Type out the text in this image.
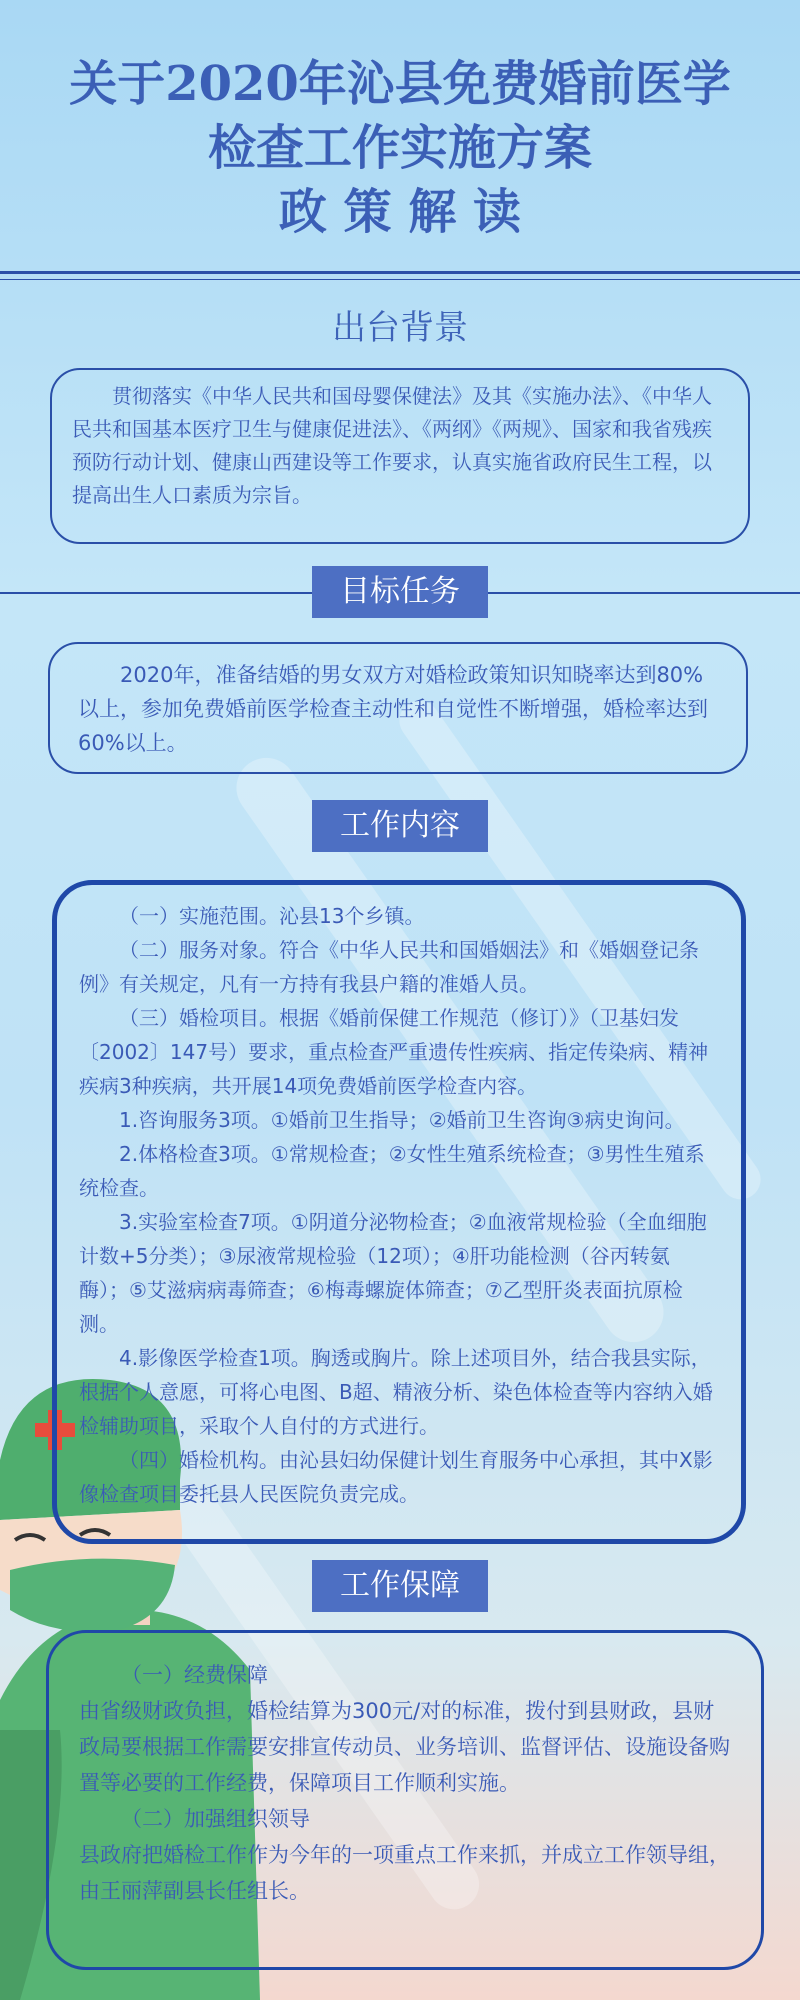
关于2020年沁县免费婚前医学
检查工作实施方案
政 策 解 读
出台背景

贯彻落实《中华人民共和国母婴保健法》及其《实施办法》、《中华人民共和国基本医疗卫生与健康促进法》、《两纲》《两规》、国家和我省残疾预防行动计划、健康山西建设等工作要求，认真实施省政府民生工程，以提高出生人口素质为宗旨。

目标任务

2020年，准备结婚的男女双方对婚检政策知识知晓率达到80%以上，参加免费婚前医学检查主动性和自觉性不断增强，婚检率达到60%以上。

工作内容

（一）实施范围。沁县13个乡镇。

（二）服务对象。符合《中华人民共和国婚姻法》和《婚姻登记条例》有关规定，凡有一方持有我县户籍的准婚人员。

（三）婚检项目。根据《婚前保健工作规范（修订）》（卫基妇发〔2002〕147号）要求，重点检查严重遗传性疾病、指定传染病、精神疾病3种疾病，共开展14项免费婚前医学检查内容。

1.咨询服务3项。①婚前卫生指导；②婚前卫生咨询③病史询问。

2.体格检查3项。①常规检查；②女性生殖系统检查；③男性生殖系统检查。

3.实验室检查7项。①阴道分泌物检查；②血液常规检验（全血细胞计数+5分类）；③尿液常规检验（12项）；④肝功能检测（谷丙转氨酶）；⑤艾滋病病毒筛查；⑥梅毒螺旋体筛查；⑦乙型肝炎表面抗原检测。

4.影像医学检查1项。胸透或胸片。除上述项目外，结合我县实际，根据个人意愿，可将心电图、B超、精液分析、染色体检查等内容纳入婚检辅助项目，采取个人自付的方式进行。

（四）婚检机构。由沁县妇幼保健计划生育服务中心承担，其中X影像检查项目委托县人民医院负责完成。

工作保障

（一）经费保障

由省级财政负担，婚检结算为300元/对的标准，拨付到县财政，县财政局要根据工作需要安排宣传动员、业务培训、监督评估、设施设备购置等必要的工作经费，保障项目工作顺利实施。

（二）加强组织领导

县政府把婚检工作作为今年的一项重点工作来抓，并成立工作领导组，由王丽萍副县长任组长。
